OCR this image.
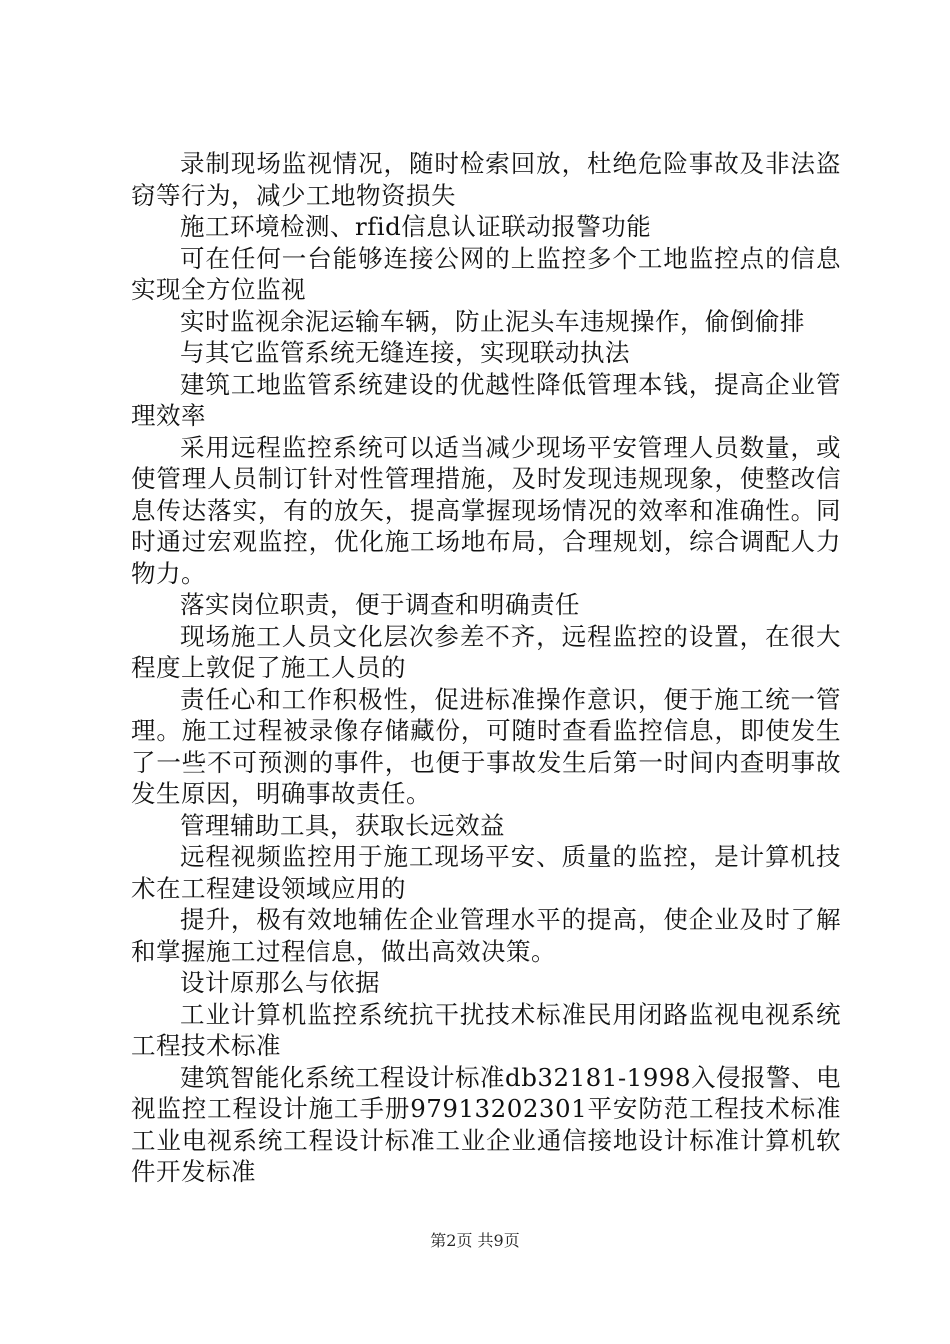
录制现场监视情况，随时检索回放，杜绝危险事故及非法盗窃等行为，减少工地物资损失

施工环境检测、rfid信息认证联动报警功能

可在任何一台能够连接公网的上监控多个工地监控点的信息实现全方位监视

实时监视余泥运输车辆，防止泥头车违规操作，偷倒偷排

与其它监管系统无缝连接，实现联动执法

建筑工地监管系统建设的优越性降低管理本钱，提高企业管理效率

采用远程监控系统可以适当减少现场平安管理人员数量，或使管理人员制订针对性管理措施，及时发现违规现象，使整改信息传达落实，有的放矢，提高掌握现场情况的效率和准确性。同时通过宏观监控，优化施工场地布局，合理规划，综合调配人力物力。

落实岗位职责，便于调查和明确责任

现场施工人员文化层次参差不齐，远程监控的设置，在很大程度上敦促了施工人员的

责任心和工作积极性，促进标准操作意识，便于施工统一管理。施工过程被录像存储藏份，可随时查看监控信息，即使发生了一些不可预测的事件，也便于事故发生后第一时间内查明事故发生原因，明确事故责任。

管理辅助工具，获取长远效益

远程视频监控用于施工现场平安、质量的监控，是计算机技术在工程建设领域应用的

提升，极有效地辅佐企业管理水平的提高，使企业及时了解和掌握施工过程信息，做出高效决策。

设计原那么与依据

工业计算机监控系统抗干扰技术标准民用闭路监视电视系统工程技术标准

建筑智能化系统工程设计标准db32181-1998入侵报警、电视监控工程设计施工手册97913202301平安防范工程技术标准工业电视系统工程设计标准工业企业通信接地设计标准计算机软件开发标准

第2页 共9页
